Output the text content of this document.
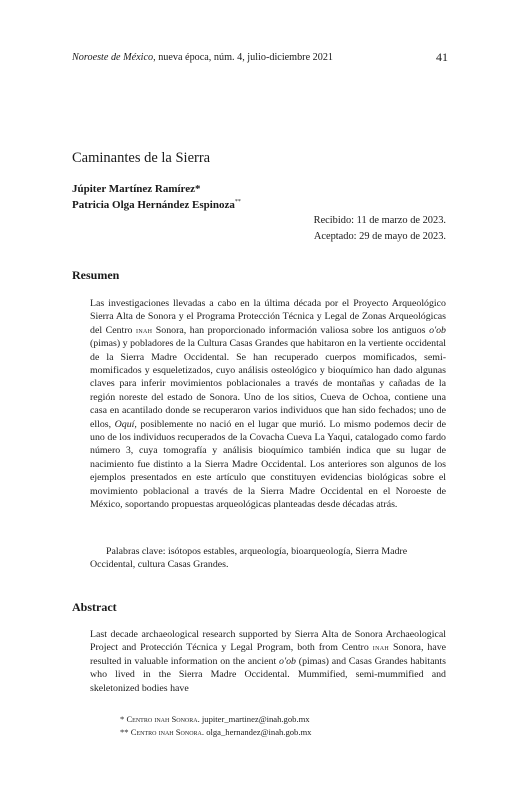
Noroeste de México, nueva época, núm. 4, julio-diciembre 2021	41
Caminantes de la Sierra
Júpiter Martínez Ramírez*
Patricia Olga Hernández Espinoza**
Recibido: 11 de marzo de 2023.
Aceptado: 29 de mayo de 2023.
Resumen
Las investigaciones llevadas a cabo en la última década por el Proyecto Arqueológico Sierra Alta de Sonora y el Programa Protección Técnica y Legal de Zonas Arqueológicas del Centro inah Sonora, han proporcionado información valiosa sobre los antiguos o'ob (pimas) y pobladores de la Cultura Casas Grandes que habitaron en la vertiente occidental de la Sierra Madre Occidental. Se han recuperado cuerpos momificados, semi-momificados y esqueletizados, cuyo análisis osteológico y bioquímico han dado algunas claves para inferir movimientos poblacionales a través de montañas y cañadas de la región noreste del estado de Sonora. Uno de los sitios, Cueva de Ochoa, contiene una casa en acantilado donde se recuperaron varios individuos que han sido fechados; uno de ellos, Oquí, posiblemente no nació en el lugar que murió. Lo mismo podemos decir de uno de los individuos recuperados de la Covacha Cueva La Yaqui, catalogado como fardo número 3, cuya tomografía y análisis bioquímico también indica que su lugar de nacimiento fue distinto a la Sierra Madre Occidental. Los anteriores son algunos de los ejemplos presentados en este artículo que constituyen evidencias biológicas sobre el movimiento poblacional a través de la Sierra Madre Occidental en el Noroeste de México, soportando propuestas arqueológicas planteadas desde décadas atrás.
Palabras clave: isótopos estables, arqueología, bioarqueología, Sierra Madre Occidental, cultura Casas Grandes.
Abstract
Last decade archaeological research supported by Sierra Alta de Sonora Archaeological Project and Protección Técnica y Legal Program, both from Centro inah Sonora, have resulted in valuable information on the ancient o'ob (pimas) and Casas Grandes habitants who lived in the Sierra Madre Occidental. Mummified, semi-mummified and skeletonized bodies have
* Centro inah Sonora. jupiter_martinez@inah.gob.mx
** Centro inah Sonora. olga_hernandez@inah.gob.mx
